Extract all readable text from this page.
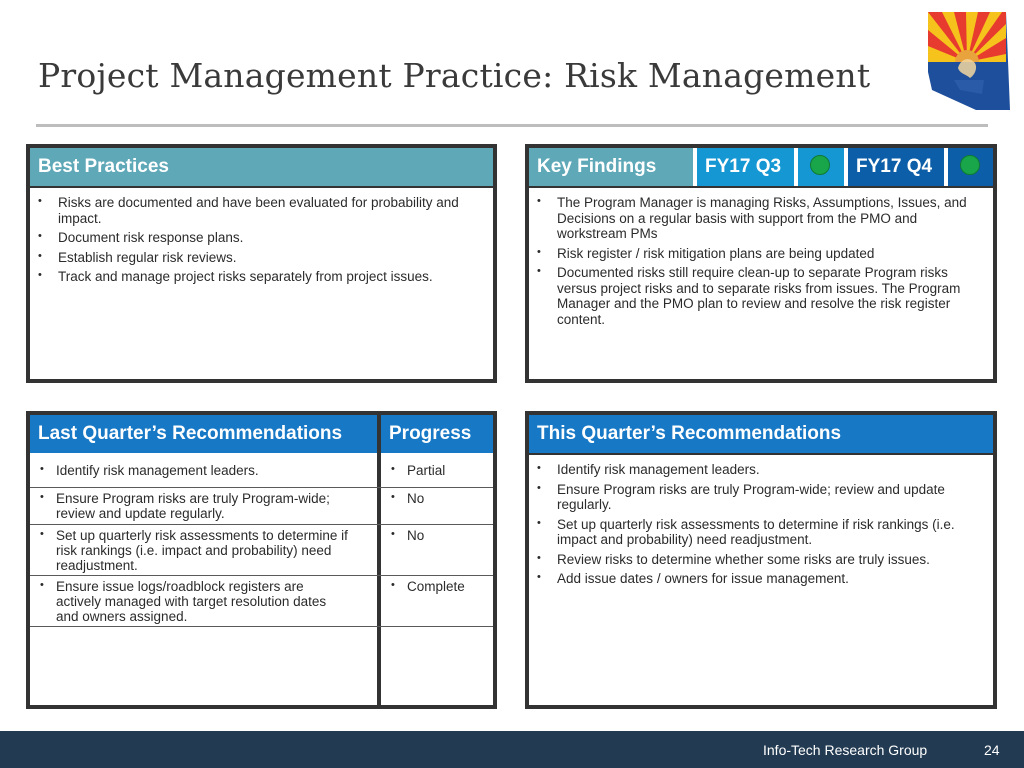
Project Management Practice: Risk Management
Best Practices
• Risks are documented and have been evaluated for probability and impact.
• Document risk response plans.
• Establish regular risk reviews.
• Track and manage project risks separately from project issues.
Key Findings	FY17 Q3	FY17 Q4
• The Program Manager is managing Risks, Assumptions, Issues, and Decisions on a regular basis with support from the PMO and workstream PMs
• Risk register / risk mitigation plans are being updated
• Documented risks still require clean-up to separate Program risks versus project risks and to separate risks from issues. The Program Manager and the PMO plan to review and resolve the risk register content.
Last Quarter’s Recommendations	Progress
• Identify risk management leaders.
•	Partial
• Ensure Program risks are truly Program-wide; review and update regularly.
• No
• Set up quarterly risk assessments to determine if risk rankings (i.e. impact and probability) need readjustment.
• No
• Ensure issue logs/roadblock registers are actively managed with target resolution dates and owners assigned.
• Complete
This Quarter’s Recommendations
• Identify risk management leaders.
• Ensure Program risks are truly Program-wide; review and update regularly.
• Set up quarterly risk assessments to determine if risk rankings (i.e. impact and probability) need readjustment.
• Review risks to determine whether some risks are truly issues.
• Add issue dates / owners for issue management.
Info-Tech Research Group	24
